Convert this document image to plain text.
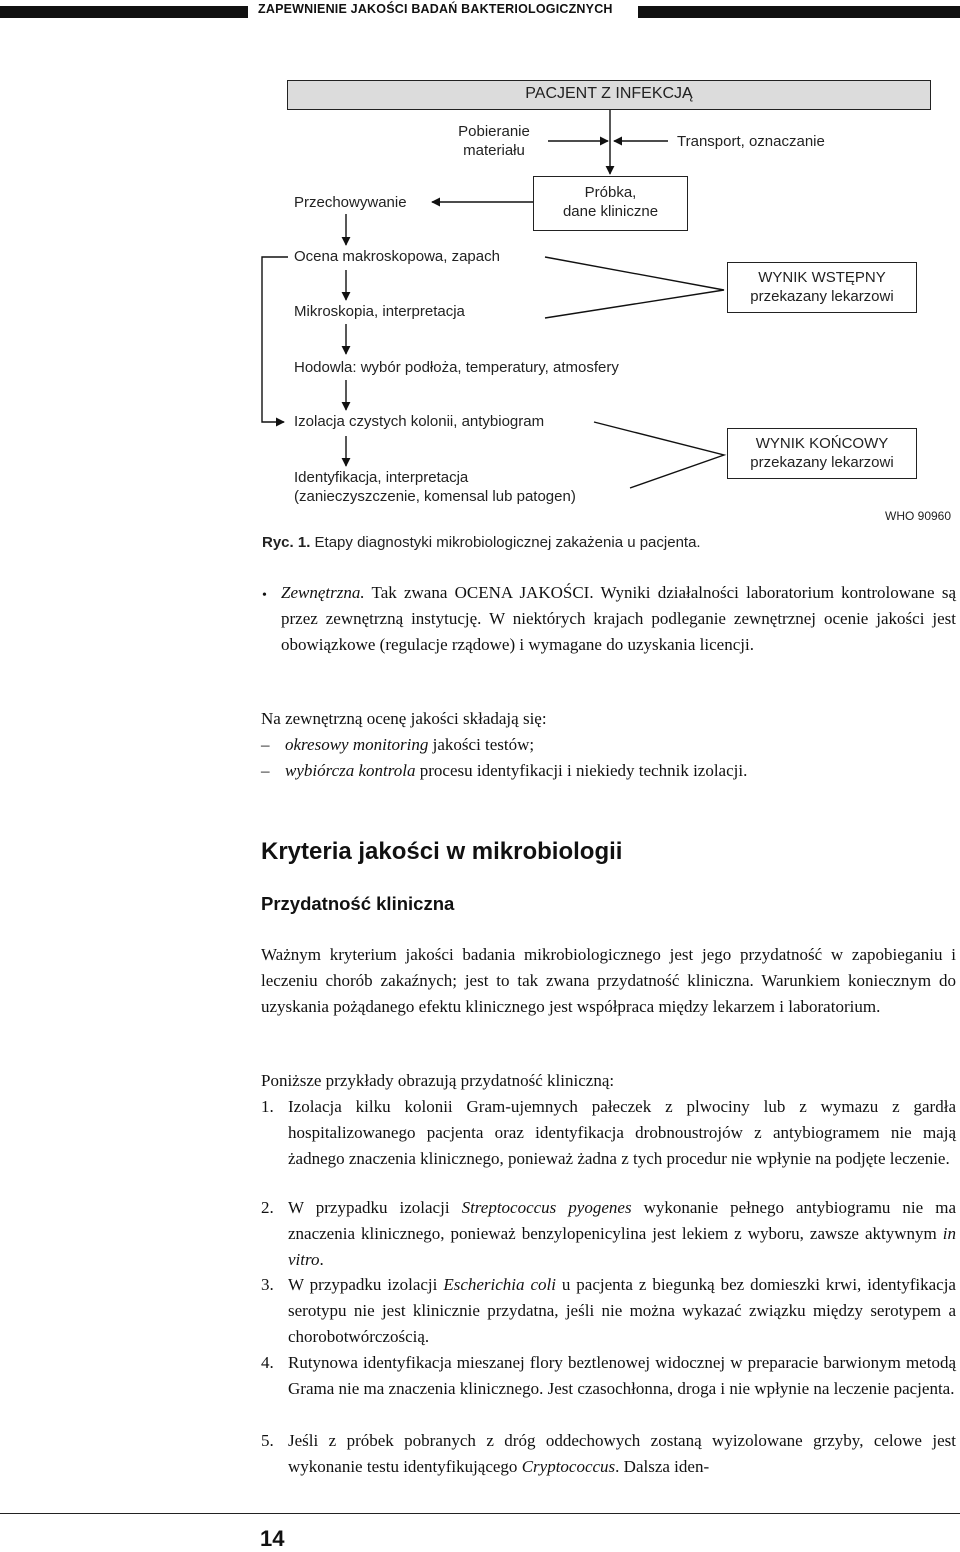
ZAPEWNIENIE JAKOŚCI BADAŃ BAKTERIOLOGICZNYCH
PACJENT Z INFEKCJĄ
Pobieranie
materiału
Transport, oznaczanie
Przechowywanie
Próbka,
dane kliniczne
Ocena makroskopowa, zapach
Mikroskopia, interpretacja
WYNIK WSTĘPNY
przekazany lekarzowi
Hodowla: wybór podłoża, temperatury, atmosfery
Izolacja czystych kolonii, antybiogram
Identyfikacja, interpretacja
(zanieczyszczenie, komensal lub patogen)
WYNIK KOŃCOWY
przekazany lekarzowi
WHO 90960
Ryc. 1. Etapy diagnostyki mikrobiologicznej zakażenia u pacjenta.
• Zewnętrzna. Tak zwana OCENA JAKOŚCI. Wyniki działalności laboratorium kontrolowane są przez zewnętrzną instytucję. W niektórych krajach podleganie zewnętrznej ocenie jakości jest obowiązkowe (regulacje rządowe) i wymagane do uzyskania licencji.
Na zewnętrzną ocenę jakości składają się:
– okresowy monitoring jakości testów;
– wybiórcza kontrola procesu identyfikacji i niekiedy technik izolacji.
Kryteria jakości w mikrobiologii
Przydatność kliniczna
Ważnym kryterium jakości badania mikrobiologicznego jest jego przydatność w zapobieganiu i leczeniu chorób zakaźnych; jest to tak zwana przydatność kliniczna. Warunkiem koniecznym do uzyskania pożądanego efektu klinicznego jest współpraca między lekarzem i laboratorium.
Poniższe przykłady obrazują przydatność kliniczną:
1. Izolacja kilku kolonii Gram-ujemnych pałeczek z plwociny lub z wymazu z gardła hospitalizowanego pacjenta oraz identyfikacja drobnoustrojów z antybiogramem nie mają żadnego znaczenia klinicznego, ponieważ żadna z tych procedur nie wpłynie na podjęte leczenie.
2. W przypadku izolacji Streptococcus pyogenes wykonanie pełnego antybiogramu nie ma znaczenia klinicznego, ponieważ benzylopenicylina jest lekiem z wyboru, zawsze aktywnym in vitro.
3. W przypadku izolacji Escherichia coli u pacjenta z biegunką bez domieszki krwi, identyfikacja serotypu nie jest klinicznie przydatna, jeśli nie można wykazać związku między serotypem a chorobotwórczością.
4. Rutynowa identyfikacja mieszanej flory beztlenowej widocznej w preparacie barwionym metodą Grama nie ma znaczenia klinicznego. Jest czasochłonna, droga i nie wpłynie na leczenie pacjenta.
5. Jeśli z próbek pobranych z dróg oddechowych zostaną wyizolowane grzyby, celowe jest wykonanie testu identyfikującego Cryptococcus. Dalsza iden-
14
